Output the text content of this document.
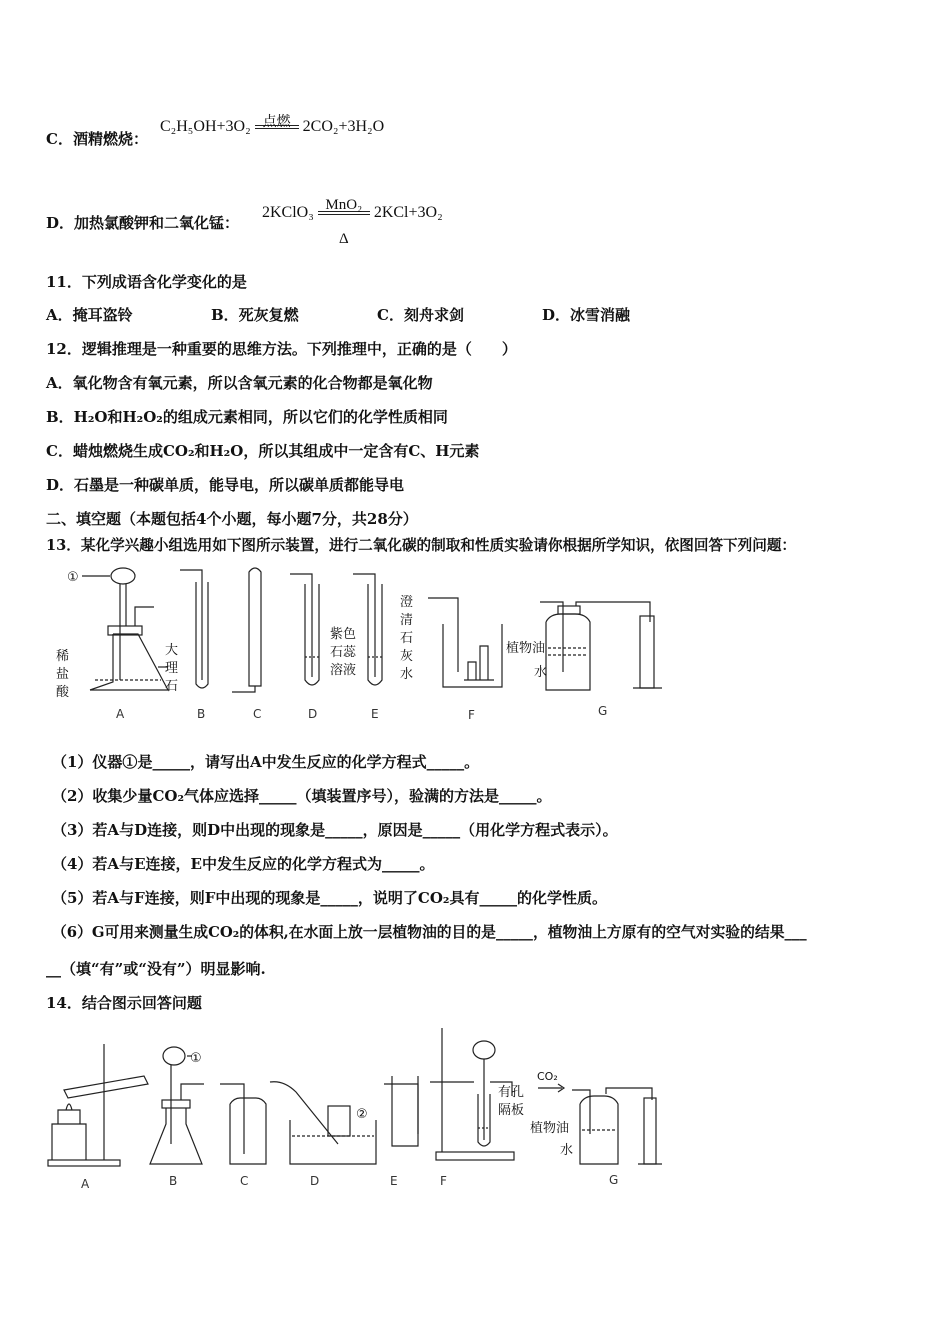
C．酒精燃烧：
C₂H₅OH+3O₂ 点燃 2CO₂+3H₂O
D．加热氯酸钾和二氧化锰：
2KClO₃ MnO₂
Δ
2KCl+3O₂
11．下列成语含化学变化的是
A．掩耳盗铃	B．死灰复燃	C．刻舟求剑	D．冰雪消融
12．逻辑推理是一种重要的思维方法。下列推理中，正确的是（　　）
A．氧化物含有氧元素，所以含氧元素的化合物都是氧化物
B．H₂O和H₂O₂的组成元素相同，所以它们的化学性质相同
C．蜡烛燃烧生成CO₂和H₂O，所以其组成中一定含有C、H元素
D．石墨是一种碳单质，能导电，所以碳单质都能导电
二、填空题（本题包括4个小题，每小题7分，共28分）
13．某化学兴趣小组选用如下图所示装置，进行二氧化碳的制取和性质实验请你根据所学知识，依图回答下列问题：
①
稀
盐
酸
大
理
石
紫色
石蕊
溶液
澄
清
石
灰
水
植物油
水
A	B	C	D	E	F	G
（1）仪器①是_____，请写出A中发生反应的化学方程式_____。
（2）收集少量CO₂气体应选择_____（填装置序号），验满的方法是_____。
（3）若A与D连接，则D中出现的现象是_____，原因是_____（用化学方程式表示）。
（4）若A与E连接，E中发生反应的化学方程式为_____。
（5）若A与F连接，则F中出现的现象是_____，说明了CO₂具有_____的化学性质。
（6）G可用来测量生成CO₂的体积,在水面上放一层植物油的目的是_____，植物油上方原有的空气对实验的结果___
__（填“有”或“没有”）明显影响.
14．结合图示回答问题
①
②
CO₂
有孔
隔板
植物油
水
A	B	C	D	E	F	G
